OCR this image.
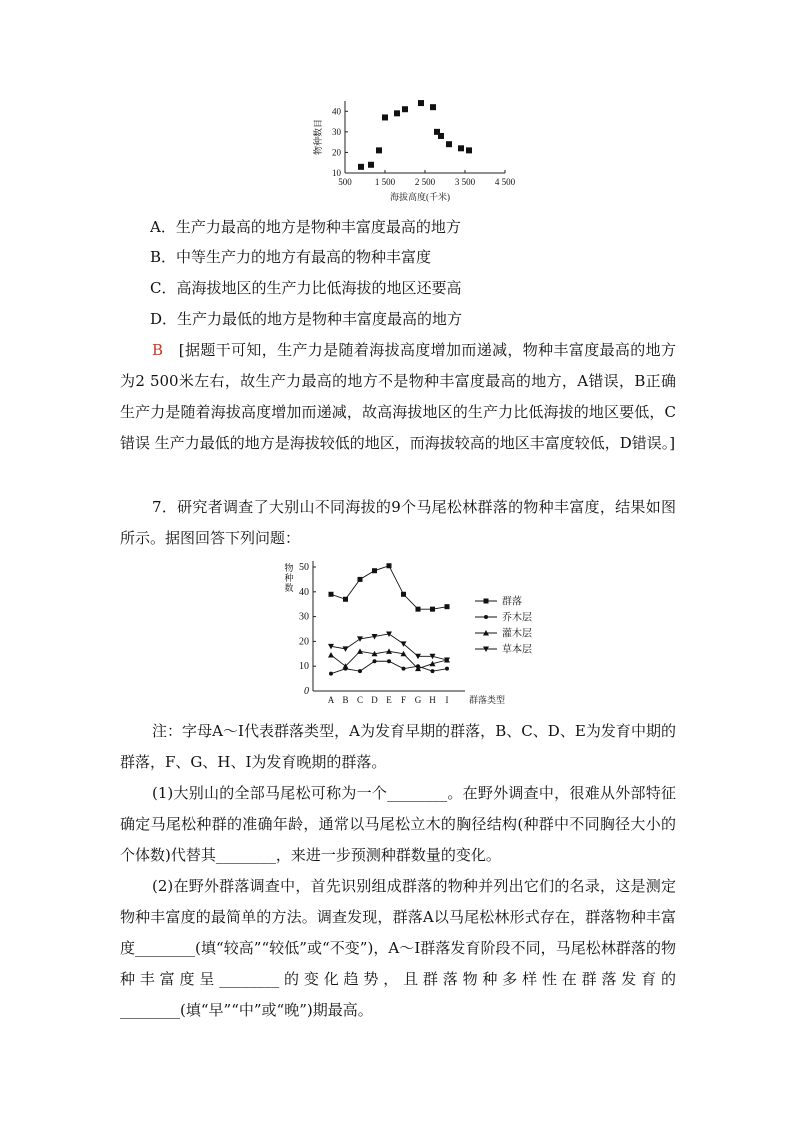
10
20
30
40
500	1 500 2 500 3 500 4 500
海拔高度(千米)
物种数目
A．生产力最高的地方是物种丰富度最高的地方
B．中等生产力的地方有最高的物种丰富度
C．高海拔地区的生产力比低海拔的地区还要高
D．生产力最低的地方是物种丰富度最高的地方
B　 [据题干可知，生产力是随着海拔高度增加而递减，物种丰富度最高的地方为2 500米左右，故生产力最高的地方不是物种丰富度最高的地方，A错误，B正确 生产力是随着海拔高度增加而递减，故高海拔地区的生产力比低海拔的地区要低，C错误 生产力最低的地方是海拔较低的地区，而海拔较高的地区丰富度较低，D错误。]
7．研究者调查了大别山不同海拔的9个马尾松林群落的物种丰富度，结果如图所示。据图回答下列问题：
0
10
20
30
40
50
A B C D E F G H I 群落类型
物
种
数
群落
乔木层
灌木层
草本层
注：字母A～I代表群落类型，A为发育早期的群落，B、C、D、E为发育中期的群落，F、G、H、I为发育晚期的群落。
(1)大别山的全部马尾松可称为一个________。在野外调查中，很难从外部特征确定马尾松种群的准确年龄，通常以马尾松立木的胸径结构(种群中不同胸径大小的个体数)代替其________，来进一步预测种群数量的变化。
(2)在野外群落调查中，首先识别组成群落的物种并列出它们的名录，这是测定物种丰富度的最简单的方法。调查发现，群落A以马尾松林形式存在，群落物种丰富度________(填“较高”“较低”或“不变”)，A～I群落发育阶段不同，马尾松林群落的物种丰富度呈________的变化趋势，且群落物种多样性在群落发育的________(填“早”“中”或“晚”)期最高。
